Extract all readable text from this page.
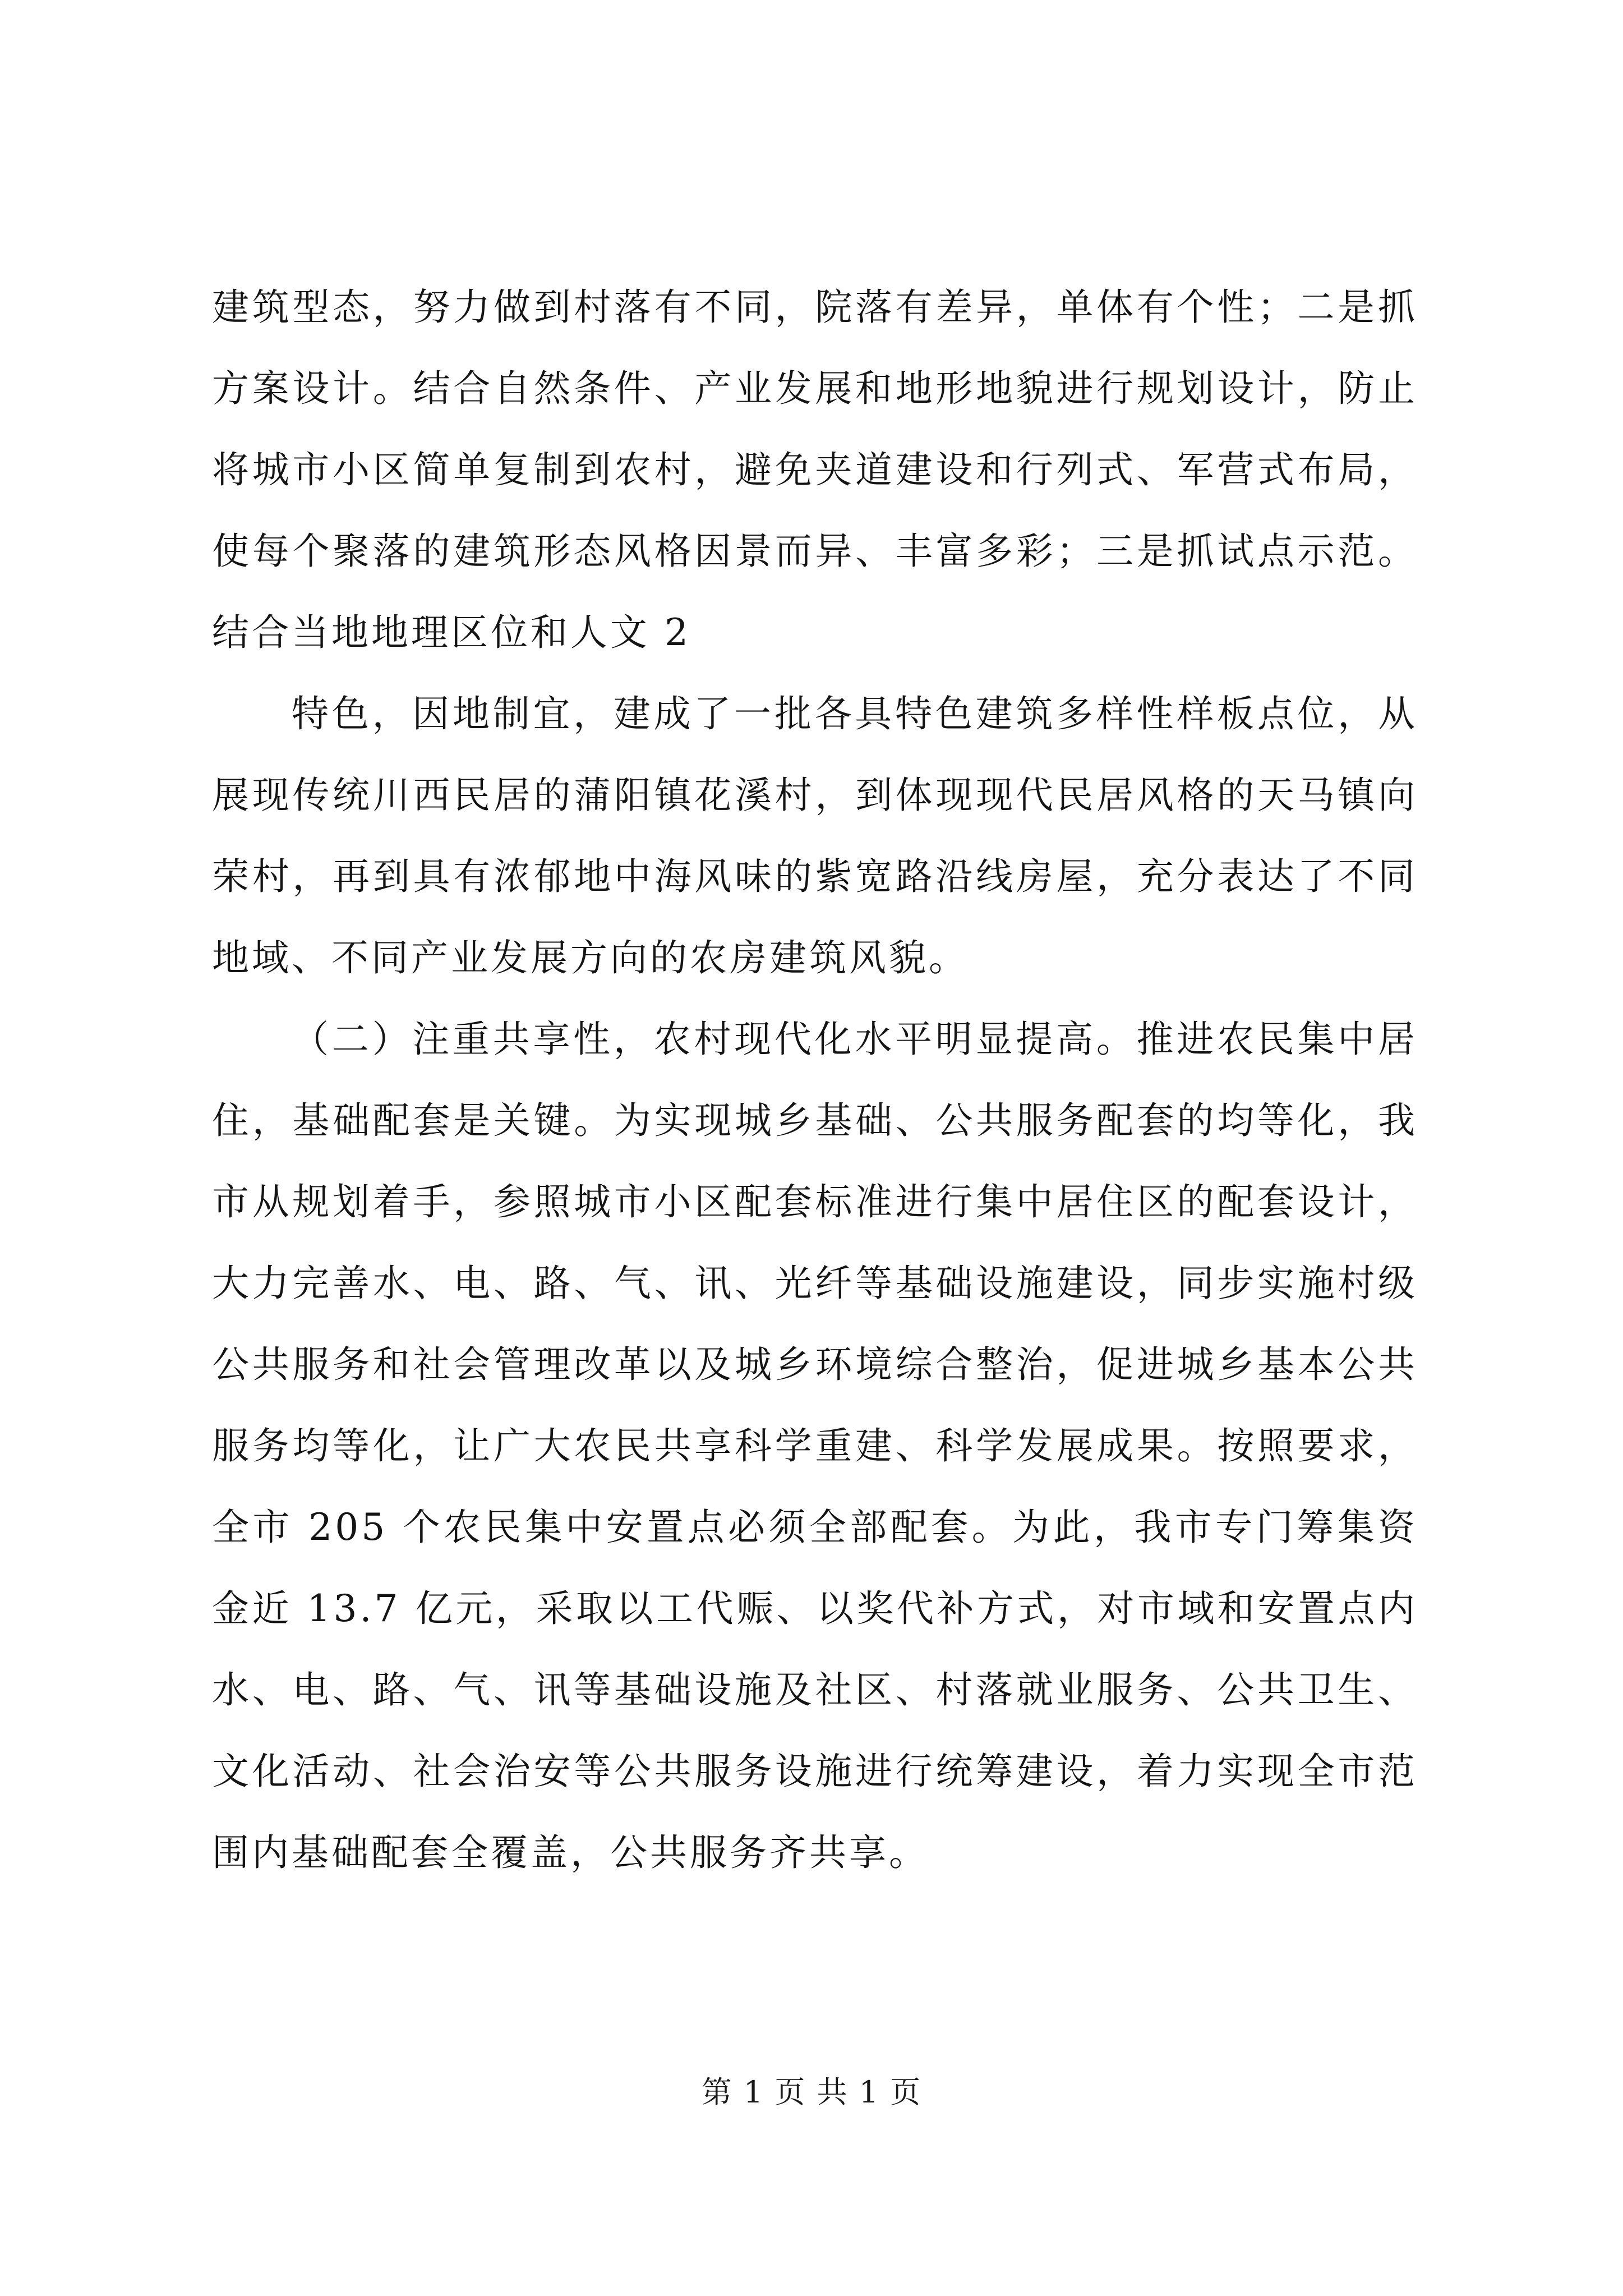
建筑型态，努力做到村落有不同，院落有差异，单体有个性；二是抓方案设计。结合自然条件、产业发展和地形地貌进行规划设计，防止将城市小区简单复制到农村，避免夹道建设和行列式、军营式布局，使每个聚落的建筑形态风格因景而异、丰富多彩；三是抓试点示范。结合当地地理区位和人文 2

特色，因地制宜，建成了一批各具特色建筑多样性样板点位，从展现传统川西民居的蒲阳镇花溪村，到体现现代民居风格的天马镇向荣村，再到具有浓郁地中海风味的紫宽路沿线房屋，充分表达了不同地域、不同产业发展方向的农房建筑风貌。

（二）注重共享性，农村现代化水平明显提高。推进农民集中居住，基础配套是关键。为实现城乡基础、公共服务配套的均等化，我市从规划着手，参照城市小区配套标准进行集中居住区的配套设计，大力完善水、电、路、气、讯、光纤等基础设施建设，同步实施村级公共服务和社会管理改革以及城乡环境综合整治，促进城乡基本公共服务均等化，让广大农民共享科学重建、科学发展成果。按照要求，全市 205 个农民集中安置点必须全部配套。为此，我市专门筹集资金近 13.7 亿元，采取以工代赈、以奖代补方式，对市域和安置点内水、电、路、气、讯等基础设施及社区、村落就业服务、公共卫生、文化活动、社会治安等公共服务设施进行统筹建设，着力实现全市范围内基础配套全覆盖，公共服务齐共享。

第 1 页 共 1 页
